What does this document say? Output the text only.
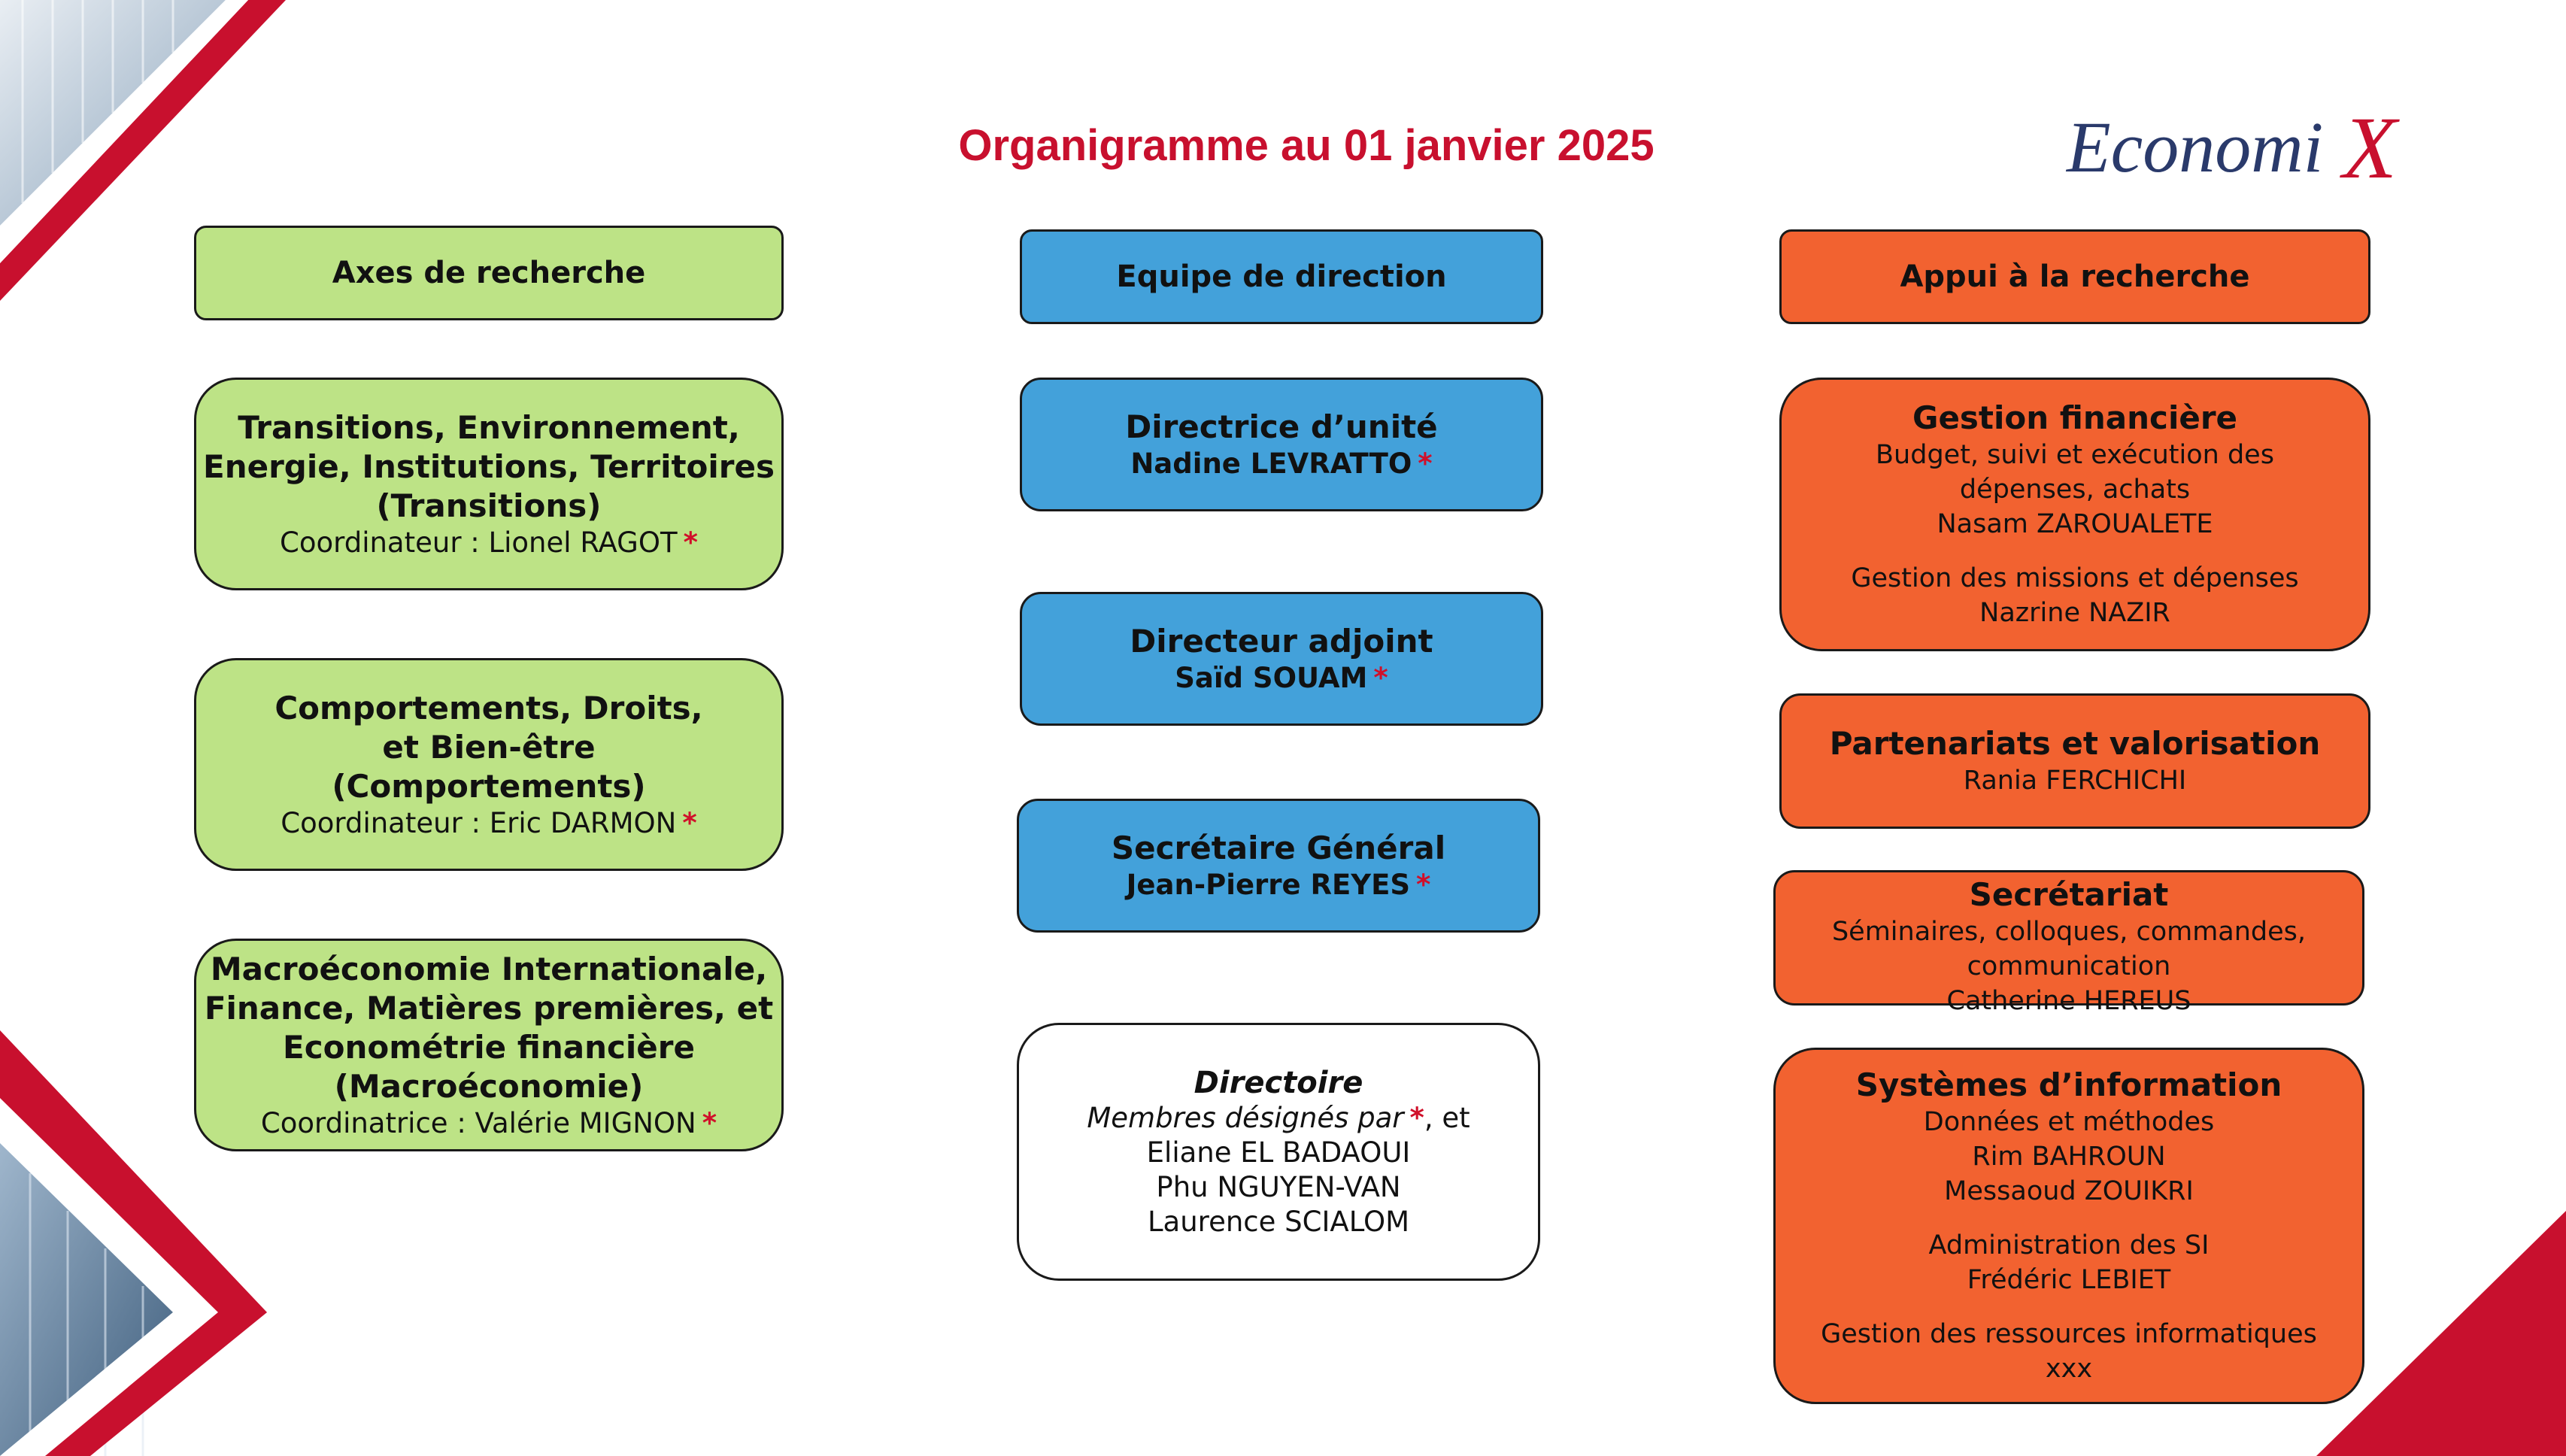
Organigramme au 01 janvier 2025	Economi X
Axes de recherche
Transitions, Environnement,
Energie, Institutions, Territoires
(Transitions)
Coordinateur : Lionel RAGOT *
Comportements, Droits,
et Bien-être
(Comportements)
Coordinateur : Eric DARMON *
Macroéconomie Internationale,
Finance, Matières premières, et
Econométrie financière
(Macroéconomie)
Coordinatrice : Valérie MIGNON *
Equipe de direction
Directrice d’unité
Nadine LEVRATTO *
Directeur adjoint
Saïd SOUAM *
Secrétaire Général
Jean-Pierre REYES *
Directoire
Membres désignés par *, et
Eliane EL BADAOUI
Phu NGUYEN-VAN
Laurence SCIALOM
Appui à la recherche
Gestion financière
Budget, suivi et exécution des
dépenses, achats
Nasam ZAROUALETE
Gestion des missions et dépenses
Nazrine NAZIR
Partenariats et valorisation
Rania FERCHICHI
Secrétariat
Séminaires, colloques, commandes,
communication
Catherine HEREUS
Systèmes d’information
Données et méthodes
Rim BAHROUN
Messaoud ZOUIKRI
Administration des SI
Frédéric LEBIET
Gestion des ressources informatiques
xxx
